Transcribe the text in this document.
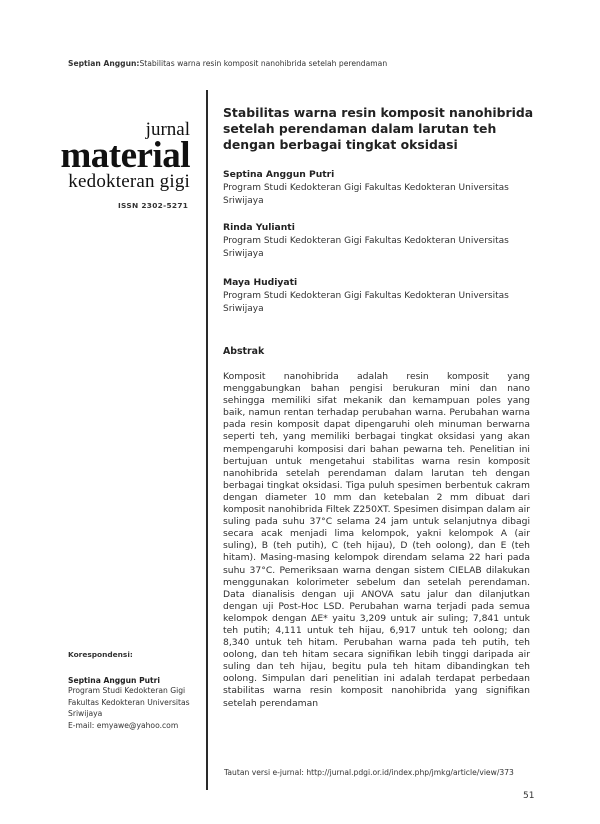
Septian Anggun:Stabilitas warna resin komposit nanohibrida setelah perendaman
jurnal
material
kedokteran gigi
ISSN 2302-5271
Stabilitas warna resin komposit nanohibrida setelah perendaman dalam larutan teh dengan berbagai tingkat oksidasi
Septina Anggun Putri
Program Studi Kedokteran Gigi Fakultas Kedokteran Universitas Sriwijaya
Rinda Yulianti
Program Studi Kedokteran Gigi Fakultas Kedokteran Universitas Sriwijaya
Maya Hudiyati
Program Studi Kedokteran Gigi Fakultas Kedokteran Universitas Sriwijaya
Abstrak

Komposit nanohibrida adalah resin komposit yang menggabungkan bahan pengisi berukuran mini dan nano sehingga memiliki sifat mekanik dan kemampuan poles yang baik, namun rentan terhadap perubahan warna. Perubahan warna pada resin komposit dapat dipengaruhi oleh minuman berwarna seperti teh, yang memiliki berbagai tingkat oksidasi yang akan mempengaruhi komposisi dari bahan pewarna teh. Penelitian ini bertujuan untuk mengetahui stabilitas warna resin komposit nanohibrida setelah perendaman dalam larutan teh dengan berbagai tingkat oksidasi. Tiga puluh spesimen berbentuk cakram dengan diameter 10 mm dan ketebalan 2 mm dibuat dari komposit nanohibrida Filtek Z250XT. Spesimen disimpan dalam air suling pada suhu 37°C selama 24 jam untuk selanjutnya dibagi secara acak menjadi lima kelompok, yakni kelompok A (air suling), B (teh putih), C (teh hijau), D (teh oolong), dan E (teh hitam). Masing-masing kelompok direndam selama 22 hari pada suhu 37°C. Pemeriksaan warna dengan sistem CIELAB dilakukan menggunakan kolorimeter sebelum dan setelah perendaman. Data dianalisis dengan uji ANOVA satu jalur dan dilanjutkan dengan uji Post-Hoc LSD. Perubahan warna terjadi pada semua kelompok dengan ΔE* yaitu 3,209 untuk air suling; 7,841 untuk teh putih; 4,111 untuk teh hijau, 6,917 untuk teh oolong; dan 8,340 untuk teh hitam. Perubahan warna pada teh putih, teh oolong, dan teh hitam secara signifikan lebih tinggi daripada air suling dan teh hijau, begitu pula teh hitam dibandingkan teh oolong. Simpulan dari penelitian ini adalah terdapat perbedaan stabilitas warna resin komposit nanohibrida yang signifikan setelah perendaman

Korespondensi:
Septina Anggun Putri
Program Studi Kedokteran Gigi Fakultas Kedokteran Universitas Sriwijaya
E-mail: emyawe@yahoo.com
Tautan versi e-jurnal: http://jurnal.pdgi.or.id/index.php/jmkg/article/view/373
51
